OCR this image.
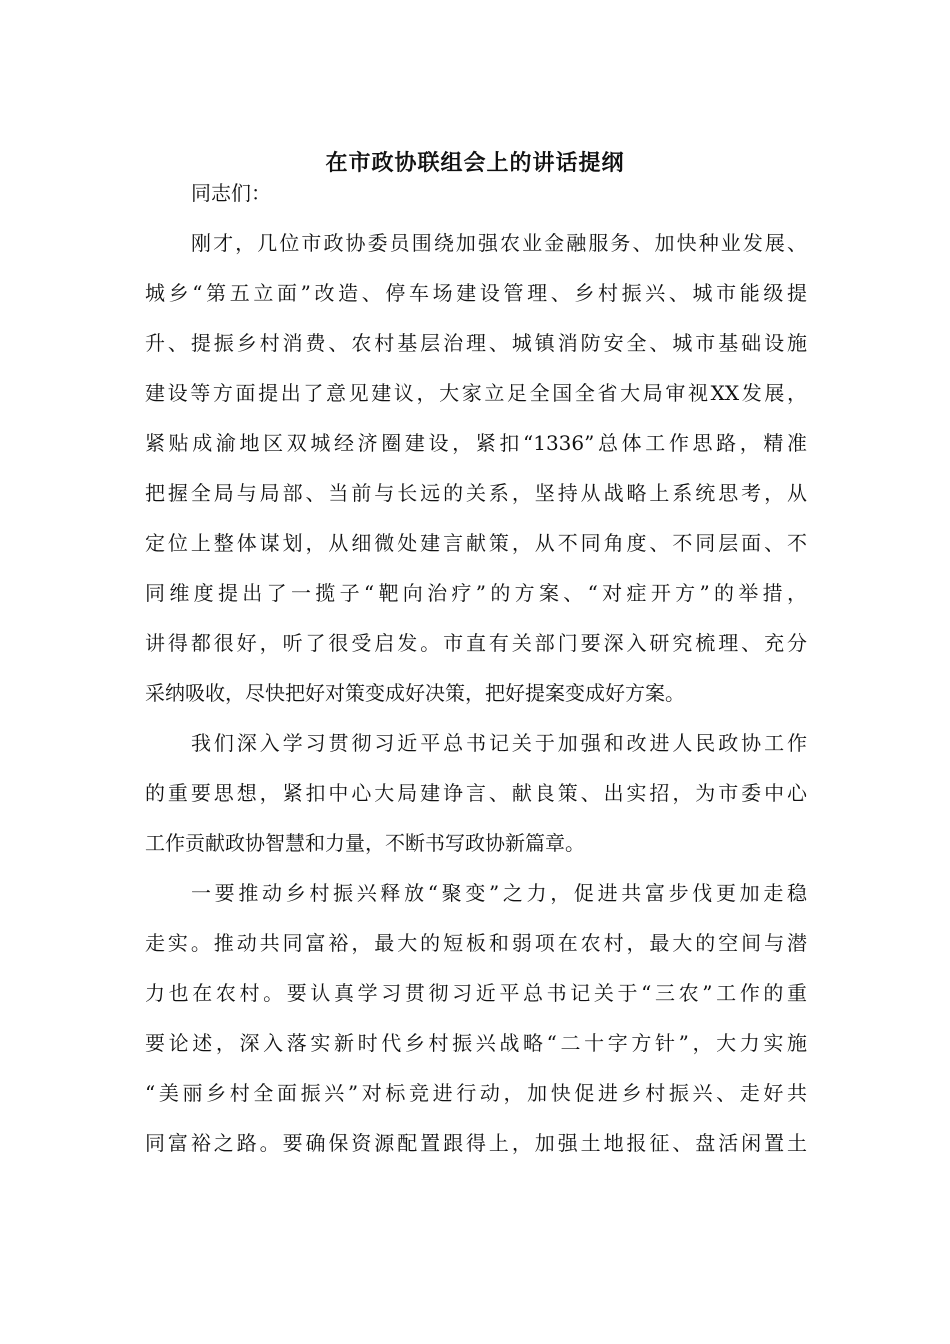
在市政协联组会上的讲话提纲
同志们：
刚才，几位市政协委员围绕加强农业金融服务、加快种业发展、
城乡“第五立面”改造、停车场建设管理、乡村振兴、城市能级提
升、提振乡村消费、农村基层治理、城镇消防安全、城市基础设施
建设等方面提出了意见建议，大家立足全国全省大局审视XX发展，
紧贴成渝地区双城经济圈建设，紧扣“1336”总体工作思路，精准
把握全局与局部、当前与长远的关系，坚持从战略上系统思考，从
定位上整体谋划，从细微处建言献策，从不同角度、不同层面、不
同维度提出了一揽子“靶向治疗”的方案、“对症开方”的举措，
讲得都很好，听了很受启发。市直有关部门要深入研究梳理、充分
采纳吸收，尽快把好对策变成好决策，把好提案变成好方案。
我们深入学习贯彻习近平总书记关于加强和改进人民政协工作
的重要思想，紧扣中心大局建诤言、献良策、出实招，为市委中心
工作贡献政协智慧和力量，不断书写政协新篇章。
一要推动乡村振兴释放“聚变”之力，促进共富步伐更加走稳
走实。推动共同富裕，最大的短板和弱项在农村，最大的空间与潜
力也在农村。要认真学习贯彻习近平总书记关于“三农”工作的重
要论述，深入落实新时代乡村振兴战略“二十字方针”，大力实施
“美丽乡村全面振兴”对标竞进行动，加快促进乡村振兴、走好共
同富裕之路。要确保资源配置跟得上，加强土地报征、盘活闲置土
